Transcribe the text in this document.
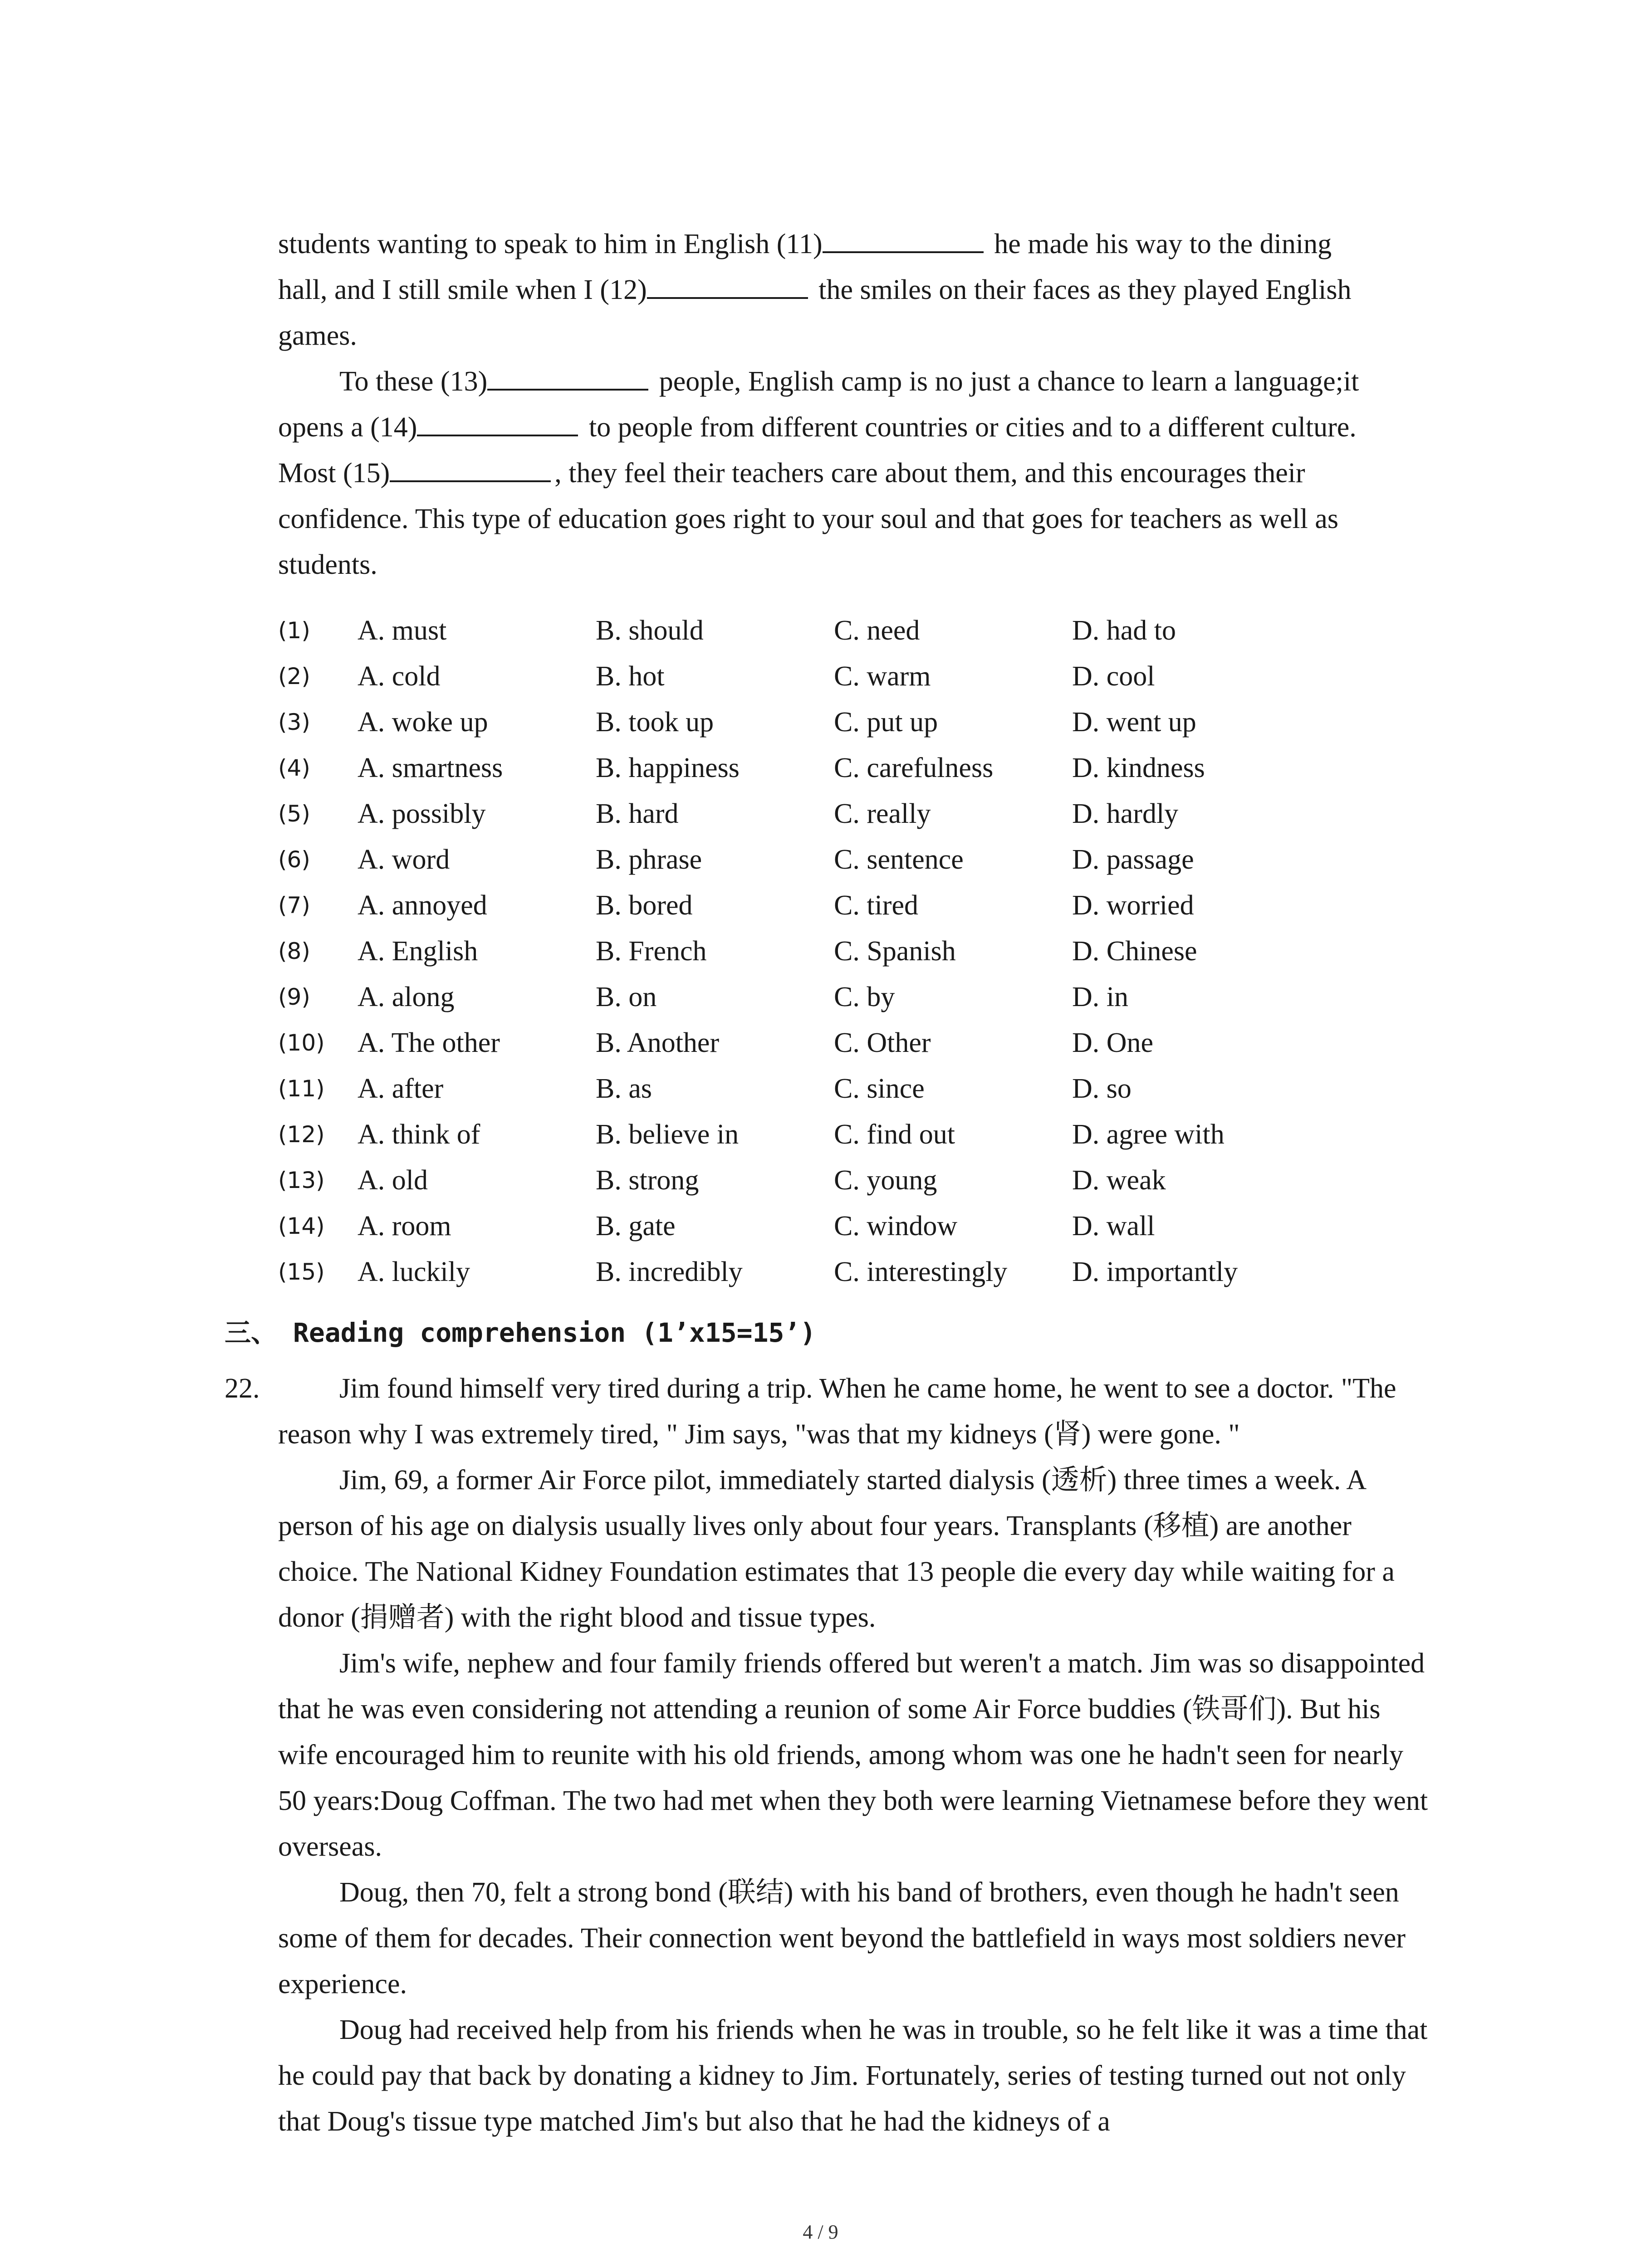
students wanting to speak to him in English (11)	he made his way to the dining
hall, and I still smile when I (12)	the smiles on their faces as they played English
games.
To these (13)	people, English camp is no just a chance to learn a language;it
opens a (14)	to people from different countries or cities and to a different culture.
Most (15)	, they feel their teachers care about them, and this encourages their
confidence. This type of education goes right to your soul and that goes for teachers as well as students.
(1) A. must	B. should	C. need	D. had to
(2) A. cold	B. hot	C. warm	D. cool
(3) A. woke up	B. took up	C. put up	D. went up
(4) A. smartness	B. happiness	C. carefulness	D. kindness
(5) A. possibly	B. hard	C. really	D. hardly
(6) A. word	B. phrase	C. sentence	D. passage
(7) A. annoyed	B. bored	C. tired	D. worried
(8) A. English	B. French	C. Spanish	D. Chinese
(9) A. along	B. on	C. by	D. in
(10) A. The other	B. Another	C. Other	D. One
(11) A. after	B. as	C. since	D. so
(12) A. think of	B. believe in	C. find out	D. agree with
(13) A. old	B. strong	C. young	D. weak
(14) A. room	B. gate	C. window	D. wall
(15) A. luckily	B. incredibly	C. interestingly D. importantly
三、 Reading comprehension (1’x15=15’)
22.	Jim found himself very tired during a trip. When he came home, he went to see a doctor. "The reason why I was extremely tired, " Jim says, "was that my kidneys (肾) were gone. "
Jim, 69, a former Air Force pilot, immediately started dialysis (透析) three times a week. A person of his age on dialysis usually lives only about four years. Transplants (移植) are another choice. The National Kidney Foundation estimates that 13 people die every day while waiting for a donor (捐赠者) with the right blood and tissue types.
Jim's wife, nephew and four family friends offered but weren't a match. Jim was so disappointed that he was even considering not attending a reunion of some Air Force buddies (铁哥们). But his wife encouraged him to reunite with his old friends, among whom was one he hadn't seen for nearly 50 years:Doug Coffman. The two had met when they both were learning Vietnamese before they went overseas.
Doug, then 70, felt a strong bond (联结) with his band of brothers, even though he hadn't seen some of them for decades. Their connection went beyond the battlefield in ways most soldiers never experience.
Doug had received help from his friends when he was in trouble, so he felt like it was a time that he could pay that back by donating a kidney to Jim. Fortunately, series of testing turned out not only that Doug's tissue type matched Jim's but also that he had the kidneys of a
4 / 9
